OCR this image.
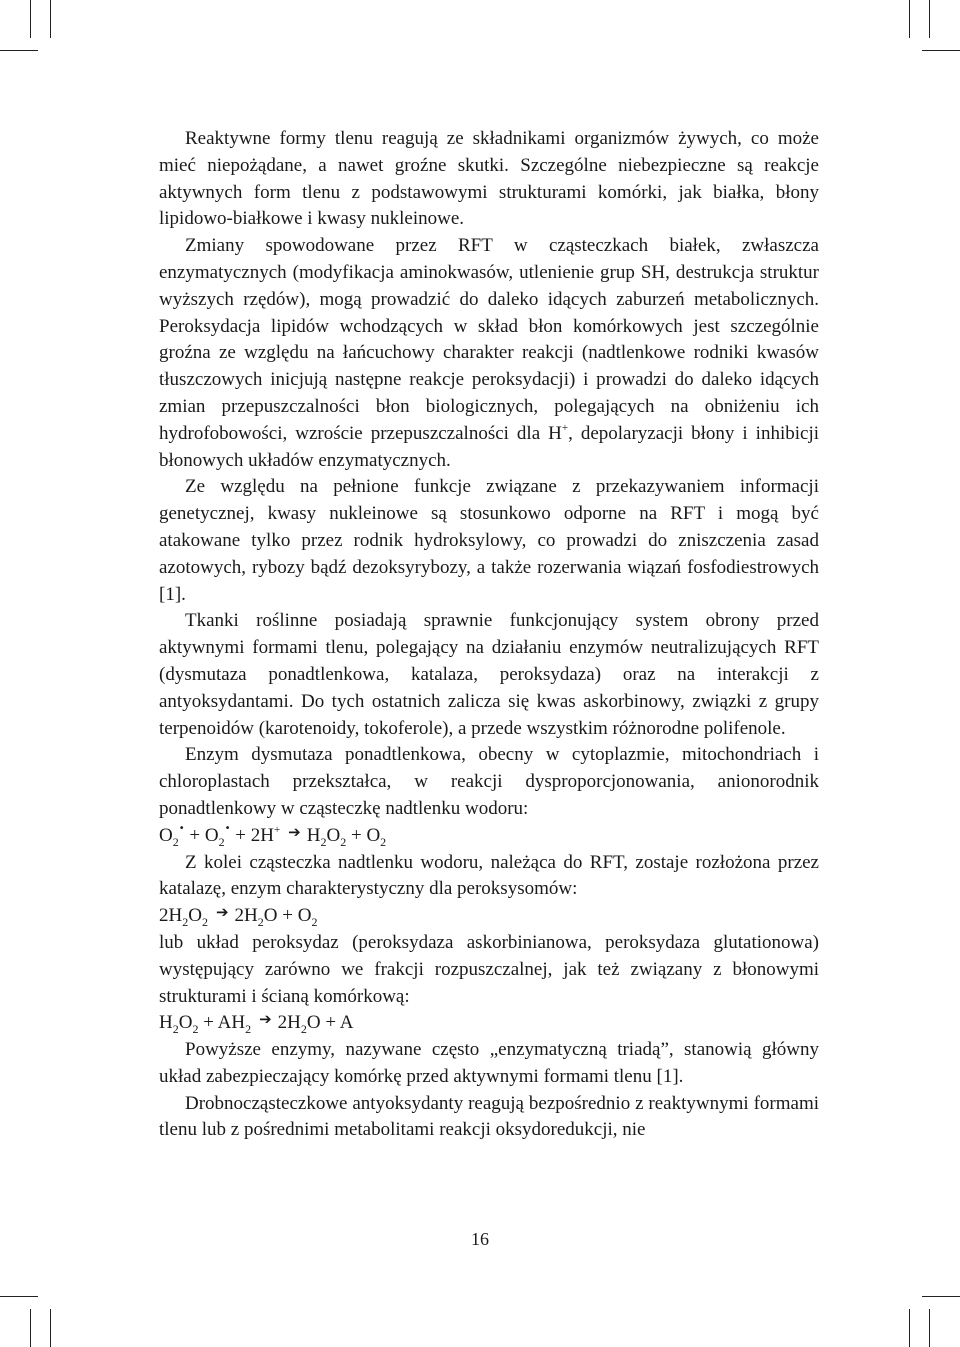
Reaktywne formy tlenu reagują ze składnikami organizmów żywych, co może mieć niepożądane, a nawet groźne skutki. Szczególne niebezpieczne są reakcje aktywnych form tlenu z podstawowymi strukturami komórki, jak białka, błony lipidowo-białkowe i kwasy nukleinowe.

Zmiany spowodowane przez RFT w cząsteczkach białek, zwłaszcza enzymatycznych (modyfikacja aminokwasów, utlenienie grup SH, destrukcja struktur wyższych rzędów), mogą prowadzić do daleko idących zaburzeń metabolicznych. Peroksydacja lipidów wchodzących w skład błon komórkowych jest szczególnie groźna ze względu na łańcuchowy charakter reakcji (nadtlenkowe rodniki kwasów tłuszczowych inicjują następne reakcje peroksydacji) i prowadzi do daleko idących zmian przepuszczalności błon biologicznych, polegających na obniżeniu ich hydrofobowości, wzroście przepuszczalności dla H+, depolaryzacji błony i inhibicji błonowych układów enzymatycznych.

Ze względu na pełnione funkcje związane z przekazywaniem informacji genetycznej, kwasy nukleinowe są stosunkowo odporne na RFT i mogą być atakowane tylko przez rodnik hydroksylowy, co prowadzi do zniszczenia zasad azotowych, rybozy bądź dezoksyrybozy, a także rozerwania wiązań fosfodiestrowych [1].

Tkanki roślinne posiadają sprawnie funkcjonujący system obrony przed aktywnymi formami tlenu, polegający na działaniu enzymów neutralizujących RFT (dysmutaza ponadtlenkowa, katalaza, peroksydaza) oraz na interakcji z antyoksydantami. Do tych ostatnich zalicza się kwas askorbinowy, związki z grupy terpenoidów (karotenoidy, tokoferole), a przede wszystkim różnorodne polifenole.

Enzym dysmutaza ponadtlenkowa, obecny w cytoplazmie, mitochondriach i chloroplastach przekształca, w reakcji dysproporcjonowania, anionorodnik ponadtlenkowy w cząsteczkę nadtlenku wodoru:

$O_2^• + O_2^• + 2H^+$ ➔ $H_2O_2 + O_2$

Z kolei cząsteczka nadtlenku wodoru, należąca do RFT, zostaje rozłożona przez katalazę, enzym charakterystyczny dla peroksysomów:

$2H_2O_2➔$ $2H_2O + O_2$

lub układ peroksydaz (peroksydaza askorbinianowa, peroksydaza glutationowa) występujący zarówno we frakcji rozpuszczalnej, jak też związany z błonowymi strukturami i ścianą komórkową:

$H_2O_2$ + $AH_2➔$ $2H_2O + A$

Powyższe enzymy, nazywane często „enzymatyczną triadą”, stanowią główny układ zabezpieczający komórkę przed aktywnymi formami tlenu [1].

Drobnocząsteczkowe antyoksydanty reagują bezpośrednio z reaktywnymi formami tlenu lub z pośrednimi metabolitami reakcji oksydoredukcji, nie

16
